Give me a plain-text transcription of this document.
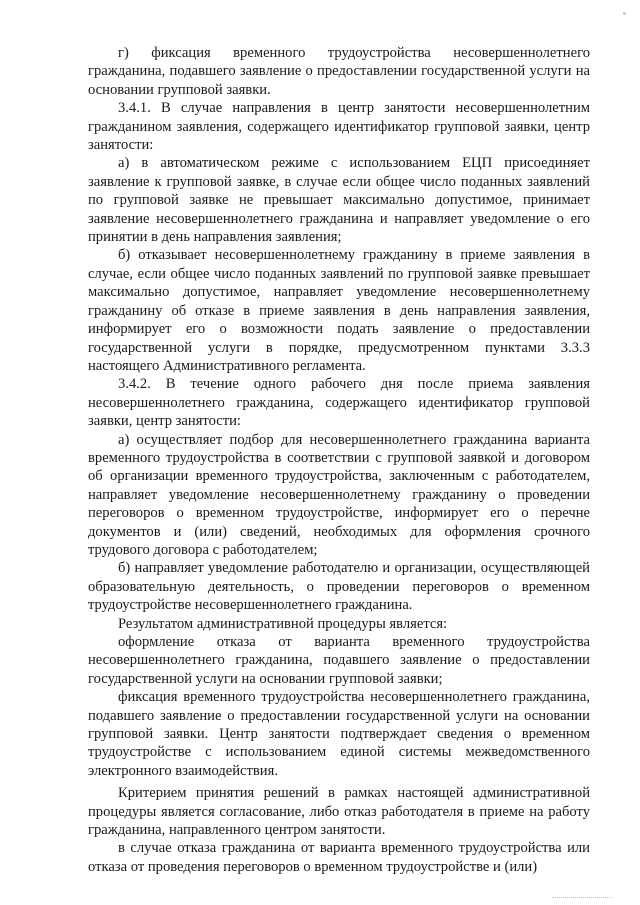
г) фиксация временного трудоустройства несовершеннолетнего гражданина, подавшего заявление о предоставлении государственной услуги на основании групповой заявки.

3.4.1. В случае направления в центр занятости несовершеннолетним гражданином заявления, содержащего идентификатор групповой заявки, центр занятости:

а) в автоматическом режиме с использованием ЕЦП присоединяет заявление к групповой заявке, в случае если общее число поданных заявлений по групповой заявке не превышает максимально допустимое, принимает заявление несовершеннолетнего гражданина и направляет уведомление о его принятии в день направления заявления;

б) отказывает несовершеннолетнему гражданину в приеме заявления в случае, если общее число поданных заявлений по групповой заявке превышает максимально допустимое, направляет уведомление несовершеннолетнему гражданину об отказе в приеме заявления в день направления заявления, информирует его о возможности подать заявление о предоставлении государственной услуги в порядке, предусмотренном пунктами 3.3.3 настоящего Административного регламента.

3.4.2. В течение одного рабочего дня после приема заявления несовершеннолетнего гражданина, содержащего идентификатор групповой заявки, центр занятости:

а) осуществляет подбор для несовершеннолетнего гражданина варианта временного трудоустройства в соответствии с групповой заявкой и договором об организации временного трудоустройства, заключенным с работодателем, направляет уведомление несовершеннолетнему гражданину о проведении переговоров о временном трудоустройстве, информирует его о перечне документов и (или) сведений, необходимых для оформления срочного трудового договора с работодателем;

б) направляет уведомление работодателю и организации, осуществляющей образовательную деятельность, о проведении переговоров о временном трудоустройстве несовершеннолетнего гражданина.

Результатом административной процедуры является:

оформление отказа от варианта временного трудоустройства несовершеннолетнего гражданина, подавшего заявление о предоставлении государственной услуги на основании групповой заявки;

фиксация временного трудоустройства несовершеннолетнего гражданина, подавшего заявление о предоставлении государственной услуги на основании групповой заявки. Центр занятости подтверждает сведения о временном трудоустройстве с использованием единой системы межведомственного электронного взаимодействия.

Критерием принятия решений в рамках настоящей административной процедуры является согласование, либо отказ работодателя в приеме на работу гражданина, направленного центром занятости.

в случае отказа гражданина от варианта временного трудоустройства или отказа от проведения переговоров о временном трудоустройстве и (или)
